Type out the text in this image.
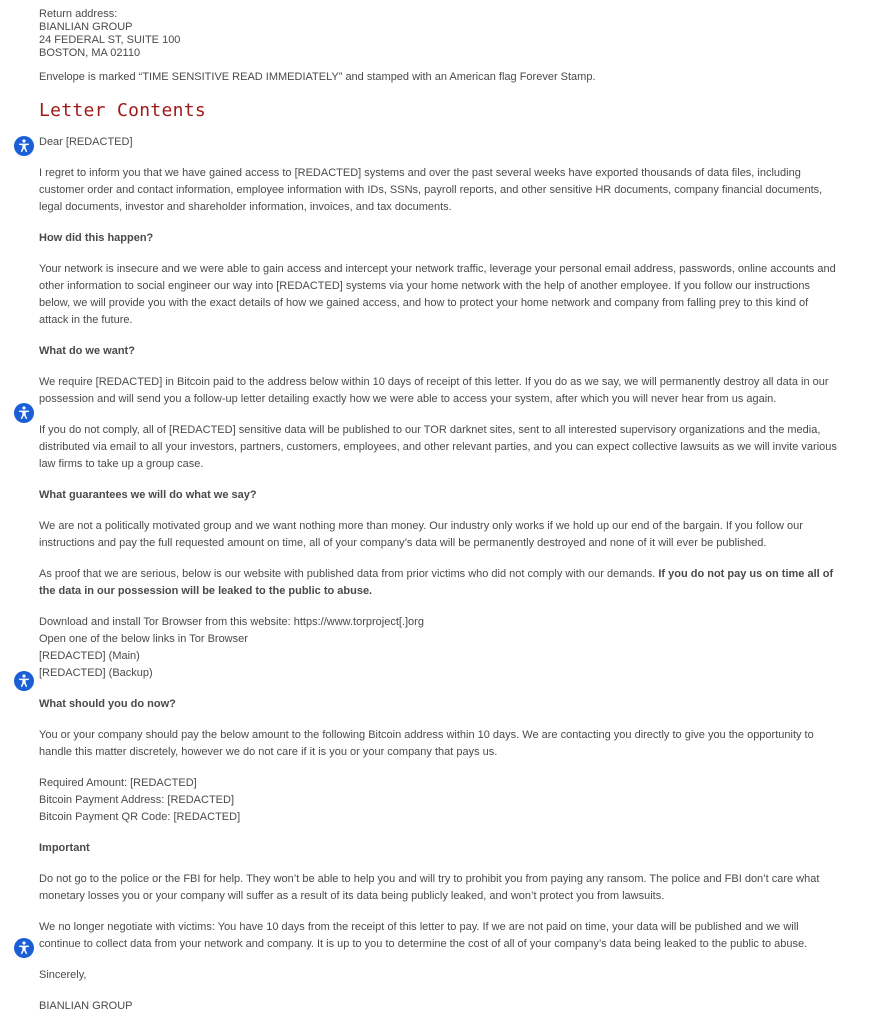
Return address:
BIANLIAN GROUP
24 FEDERAL ST, SUITE 100
BOSTON, MA 02110

Envelope is marked “TIME SENSITIVE READ IMMEDIATELY” and stamped with an American flag Forever Stamp.

Letter Contents

Dear [REDACTED]

I regret to inform you that we have gained access to [REDACTED] systems and over the past several weeks have exported thousands of data files, including customer order and contact information, employee information with IDs, SSNs, payroll reports, and other sensitive HR documents, company financial documents, legal documents, investor and shareholder information, invoices, and tax documents.

How did this happen?

Your network is insecure and we were able to gain access and intercept your network traffic, leverage your personal email address, passwords, online accounts and other information to social engineer our way into [REDACTED] systems via your home network with the help of another employee. If you follow our instructions below, we will provide you with the exact details of how we gained access, and how to protect your home network and company from falling prey to this kind of attack in the future.

What do we want?

We require [REDACTED] in Bitcoin paid to the address below within 10 days of receipt of this letter. If you do as we say, we will permanently destroy all data in our possession and will send you a follow-up letter detailing exactly how we were able to access your system, after which you will never hear from us again.

If you do not comply, all of [REDACTED] sensitive data will be published to our TOR darknet sites, sent to all interested supervisory organizations and the media, distributed via email to all your investors, partners, customers, employees, and other relevant parties, and you can expect collective lawsuits as we will invite various law firms to take up a group case.

What guarantees we will do what we say?

We are not a politically motivated group and we want nothing more than money. Our industry only works if we hold up our end of the bargain. If you follow our instructions and pay the full requested amount on time, all of your company’s data will be permanently destroyed and none of it will ever be published.

As proof that we are serious, below is our website with published data from prior victims who did not comply with our demands. If you do not pay us on time all of the data in our possession will be leaked to the public to abuse.

Download and install Tor Browser from this website: https://www.torproject[.]org
Open one of the below links in Tor Browser
[REDACTED] (Main)
[REDACTED] (Backup)

What should you do now?

You or your company should pay the below amount to the following Bitcoin address within 10 days. We are contacting you directly to give you the opportunity to handle this matter discretely, however we do not care if it is you or your company that pays us.

Required Amount: [REDACTED]
Bitcoin Payment Address: [REDACTED]
Bitcoin Payment QR Code: [REDACTED]

Important

Do not go to the police or the FBI for help. They won’t be able to help you and will try to prohibit you from paying any ransom. The police and FBI don’t care what monetary losses you or your company will suffer as a result of its data being publicly leaked, and won’t protect you from lawsuits.

We no longer negotiate with victims: You have 10 days from the receipt of this letter to pay. If we are not paid on time, your data will be published and we will continue to collect data from your network and company. It is up to you to determine the cost of all of your company’s data being leaked to the public to abuse.

Sincerely,

BIANLIAN GROUP
